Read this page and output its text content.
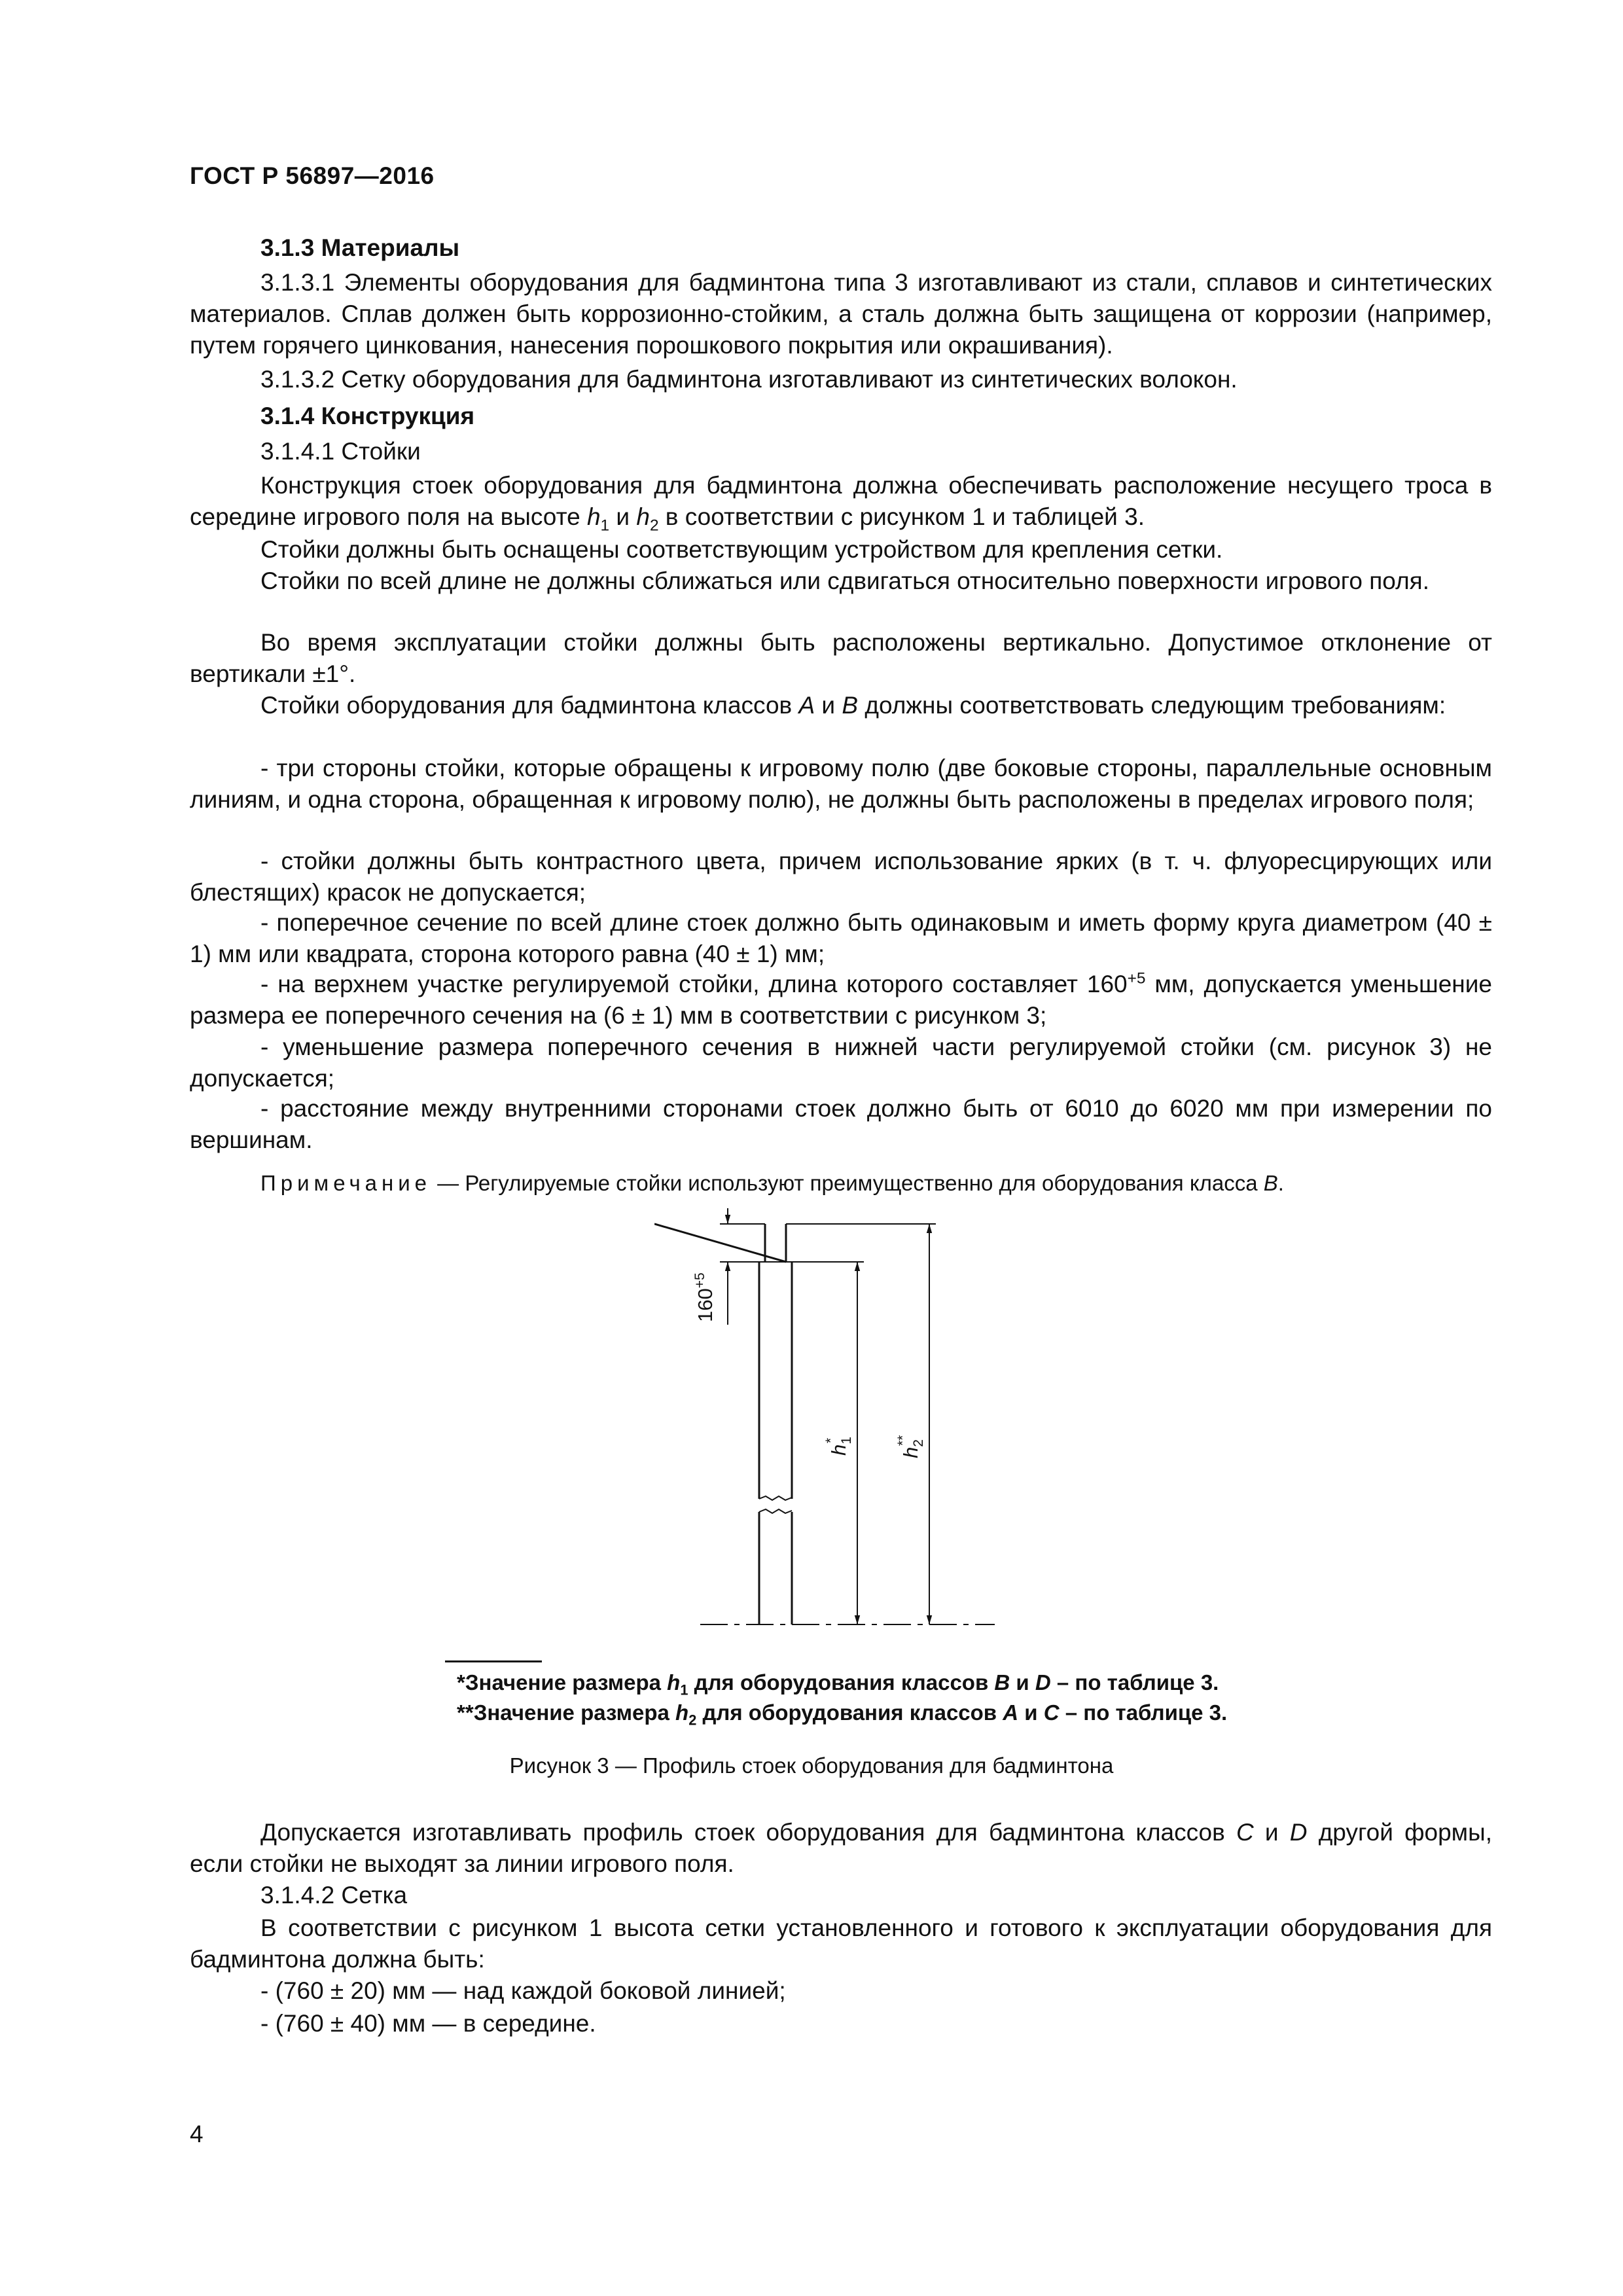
ГОСТ Р 56897—2016
3.1.3 Материалы
3.1.3.1 Элементы оборудования для бадминтона типа 3 изготавливают из стали, сплавов и синтетических материалов. Сплав должен быть коррозионно-стойким, а сталь должна быть защищена от коррозии (например, путем горячего цинкования, нанесения порошкового покрытия или окрашивания).
3.1.3.2 Сетку оборудования для бадминтона изготавливают из синтетических волокон.
3.1.4 Конструкция
3.1.4.1 Стойки
Конструкция стоек оборудования для бадминтона должна обеспечивать расположение несущего троса в середине игрового поля на высоте $h_1$ и $h_2$ в соответствии с рисунком 1 и таблицей 3.
Стойки должны быть оснащены соответствующим устройством для крепления сетки.
Стойки по всей длине не должны сближаться или сдвигаться относительно поверхности игрового поля.
Во время эксплуатации стойки должны быть расположены вертикально. Допустимое отклонение от вертикали ±1°.
Стойки оборудования для бадминтона классов A и B должны соответствовать следующим требованиям:
- три стороны стойки, которые обращены к игровому полю (две боковые стороны, параллельные основным линиям, и одна сторона, обращенная к игровому полю), не должны быть расположены в пределах игрового поля;
- стойки должны быть контрастного цвета, причем использование ярких (в т. ч. флуоресцирующих или блестящих) красок не допускается;
- поперечное сечение по всей длине стоек должно быть одинаковым и иметь форму круга диаметром (40 ± 1) мм или квадрата, сторона которого равна (40 ± 1) мм;
- на верхнем участке регулируемой стойки, длина которого составляет $160^{+5}$ мм, допускается уменьшение размера ее поперечного сечения на (6 ± 1) мм в соответствии с рисунком 3;
- уменьшение размера поперечного сечения в нижней части регулируемой стойки (см. рисунок 3) не допускается;
- расстояние между внутренними сторонами стоек должно быть от 6010 до 6020 мм при измерении по вершинам.
Примечание — Регулируемые стойки используют преимущественно для оборудования класса B.
$160^{+5}$
$h_1*$
$h_2**$
*Значение размера $h_1$ для оборудования классов B и D – по таблице 3.
**Значение размера $h_2$ для оборудования классов A и C – по таблице 3.
Рисунок 3 — Профиль стоек оборудования для бадминтона
Допускается изготавливать профиль стоек оборудования для бадминтона классов C и D другой формы, если стойки не выходят за линии игрового поля.
3.1.4.2 Сетка
В соответствии с рисунком 1 высота сетки установленного и готового к эксплуатации оборудования для бадминтона должна быть:
- (760 ± 20) мм — над каждой боковой линией;
- (760 ± 40) мм — в середине.
4
